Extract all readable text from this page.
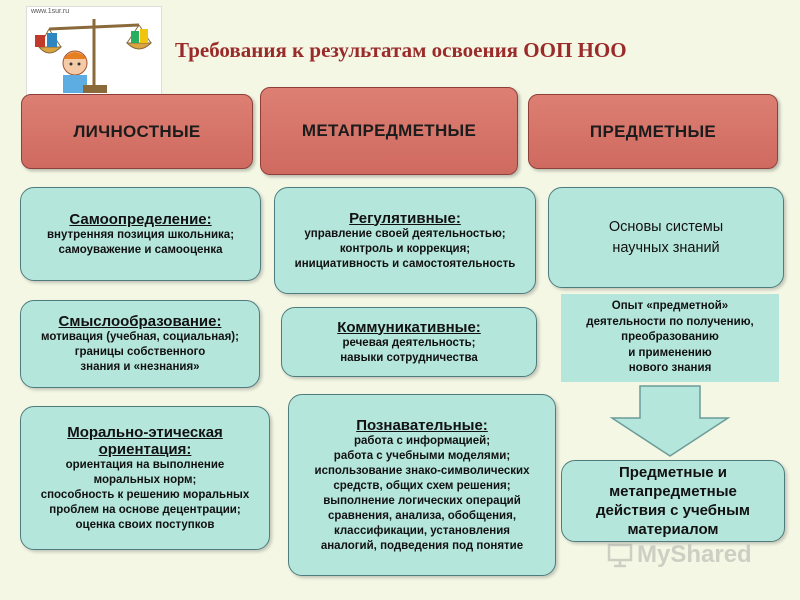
www.1sur.ru
Требования к результатам освоения ООП НОО
ЛИЧНОСТНЫЕ	МЕТАПРЕДМЕТНЫЕ	ПРЕДМЕТНЫЕ
Самоопределение:
внутренняя позиция школьника;
самоуважение и самооценка
Смыслообразование:
мотивация (учебная, социальная);
границы собственного
знания и «незнания»
Морально-этическая
ориентация:
ориентация на выполнение
моральных норм;
способность к решению моральных
проблем на основе децентрации;
оценка своих поступков
Регулятивные:
управление своей деятельностью;
контроль и коррекция;
инициативность и самостоятельность
Коммуникативные:
речевая деятельность;
навыки сотрудничества
Познавательные:
работа с информацией;
работа с учебными моделями;
использование знако-символических
средств, общих схем решения;
выполнение логических операций
сравнения, анализа, обобщения,
классификации, установления
аналогий, подведения под понятие
Основы системы
научных знаний
Опыт «предметной»
деятельности по получению,
преобразованию
и применению
нового знания
Предметные и
метапредметные
действия с учебным
материалом
MyShared
